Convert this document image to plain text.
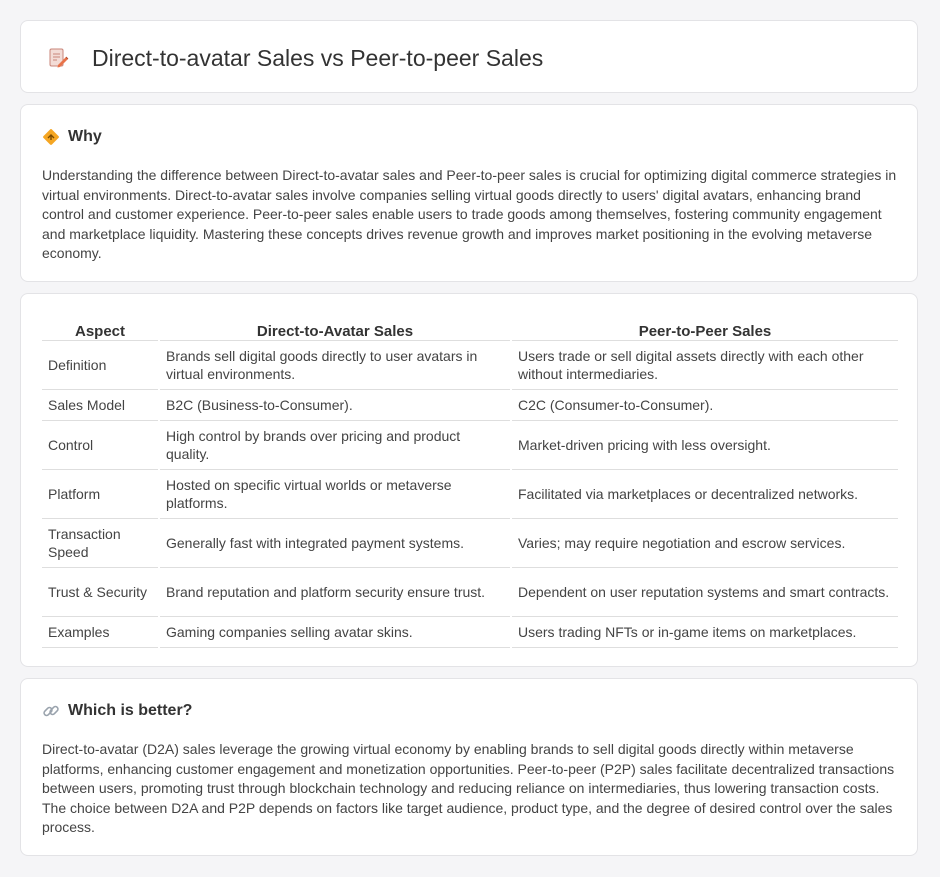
Direct-to-avatar Sales vs Peer-to-peer Sales
Why

Understanding the difference between Direct-to-avatar sales and Peer-to-peer sales is crucial for optimizing digital commerce strategies in virtual environments. Direct-to-avatar sales involve companies selling virtual goods directly to users' digital avatars, enhancing brand control and customer experience. Peer-to-peer sales enable users to trade goods among themselves, fostering community engagement and marketplace liquidity. Mastering these concepts drives revenue growth and improves market positioning in the evolving metaverse economy.

Aspect	Direct-to-Avatar Sales	Peer-to-Peer Sales
Definition	Brands sell digital goods directly to user avatars in virtual environments.	Users trade or sell digital assets directly with each other without intermediaries.
Sales Model	B2C (Business-to-Consumer).	C2C (Consumer-to-Consumer).
Control	High control by brands over pricing and product quality.	Market-driven pricing with less oversight.
Platform	Hosted on specific virtual worlds or metaverse platforms.	Facilitated via marketplaces or decentralized networks.
Transaction Speed	Generally fast with integrated payment systems.	Varies; may require negotiation and escrow services.
Trust & Security	Brand reputation and platform security ensure trust.	Dependent on user reputation systems and smart contracts.
Examples	Gaming companies selling avatar skins.	Users trading NFTs or in-game items on marketplaces.
Which is better?

Direct-to-avatar (D2A) sales leverage the growing virtual economy by enabling brands to sell digital goods directly within metaverse platforms, enhancing customer engagement and monetization opportunities. Peer-to-peer (P2P) sales facilitate decentralized transactions between users, promoting trust through blockchain technology and reducing reliance on intermediaries, thus lowering transaction costs. The choice between D2A and P2P depends on factors like target audience, product type, and the degree of desired control over the sales process.
